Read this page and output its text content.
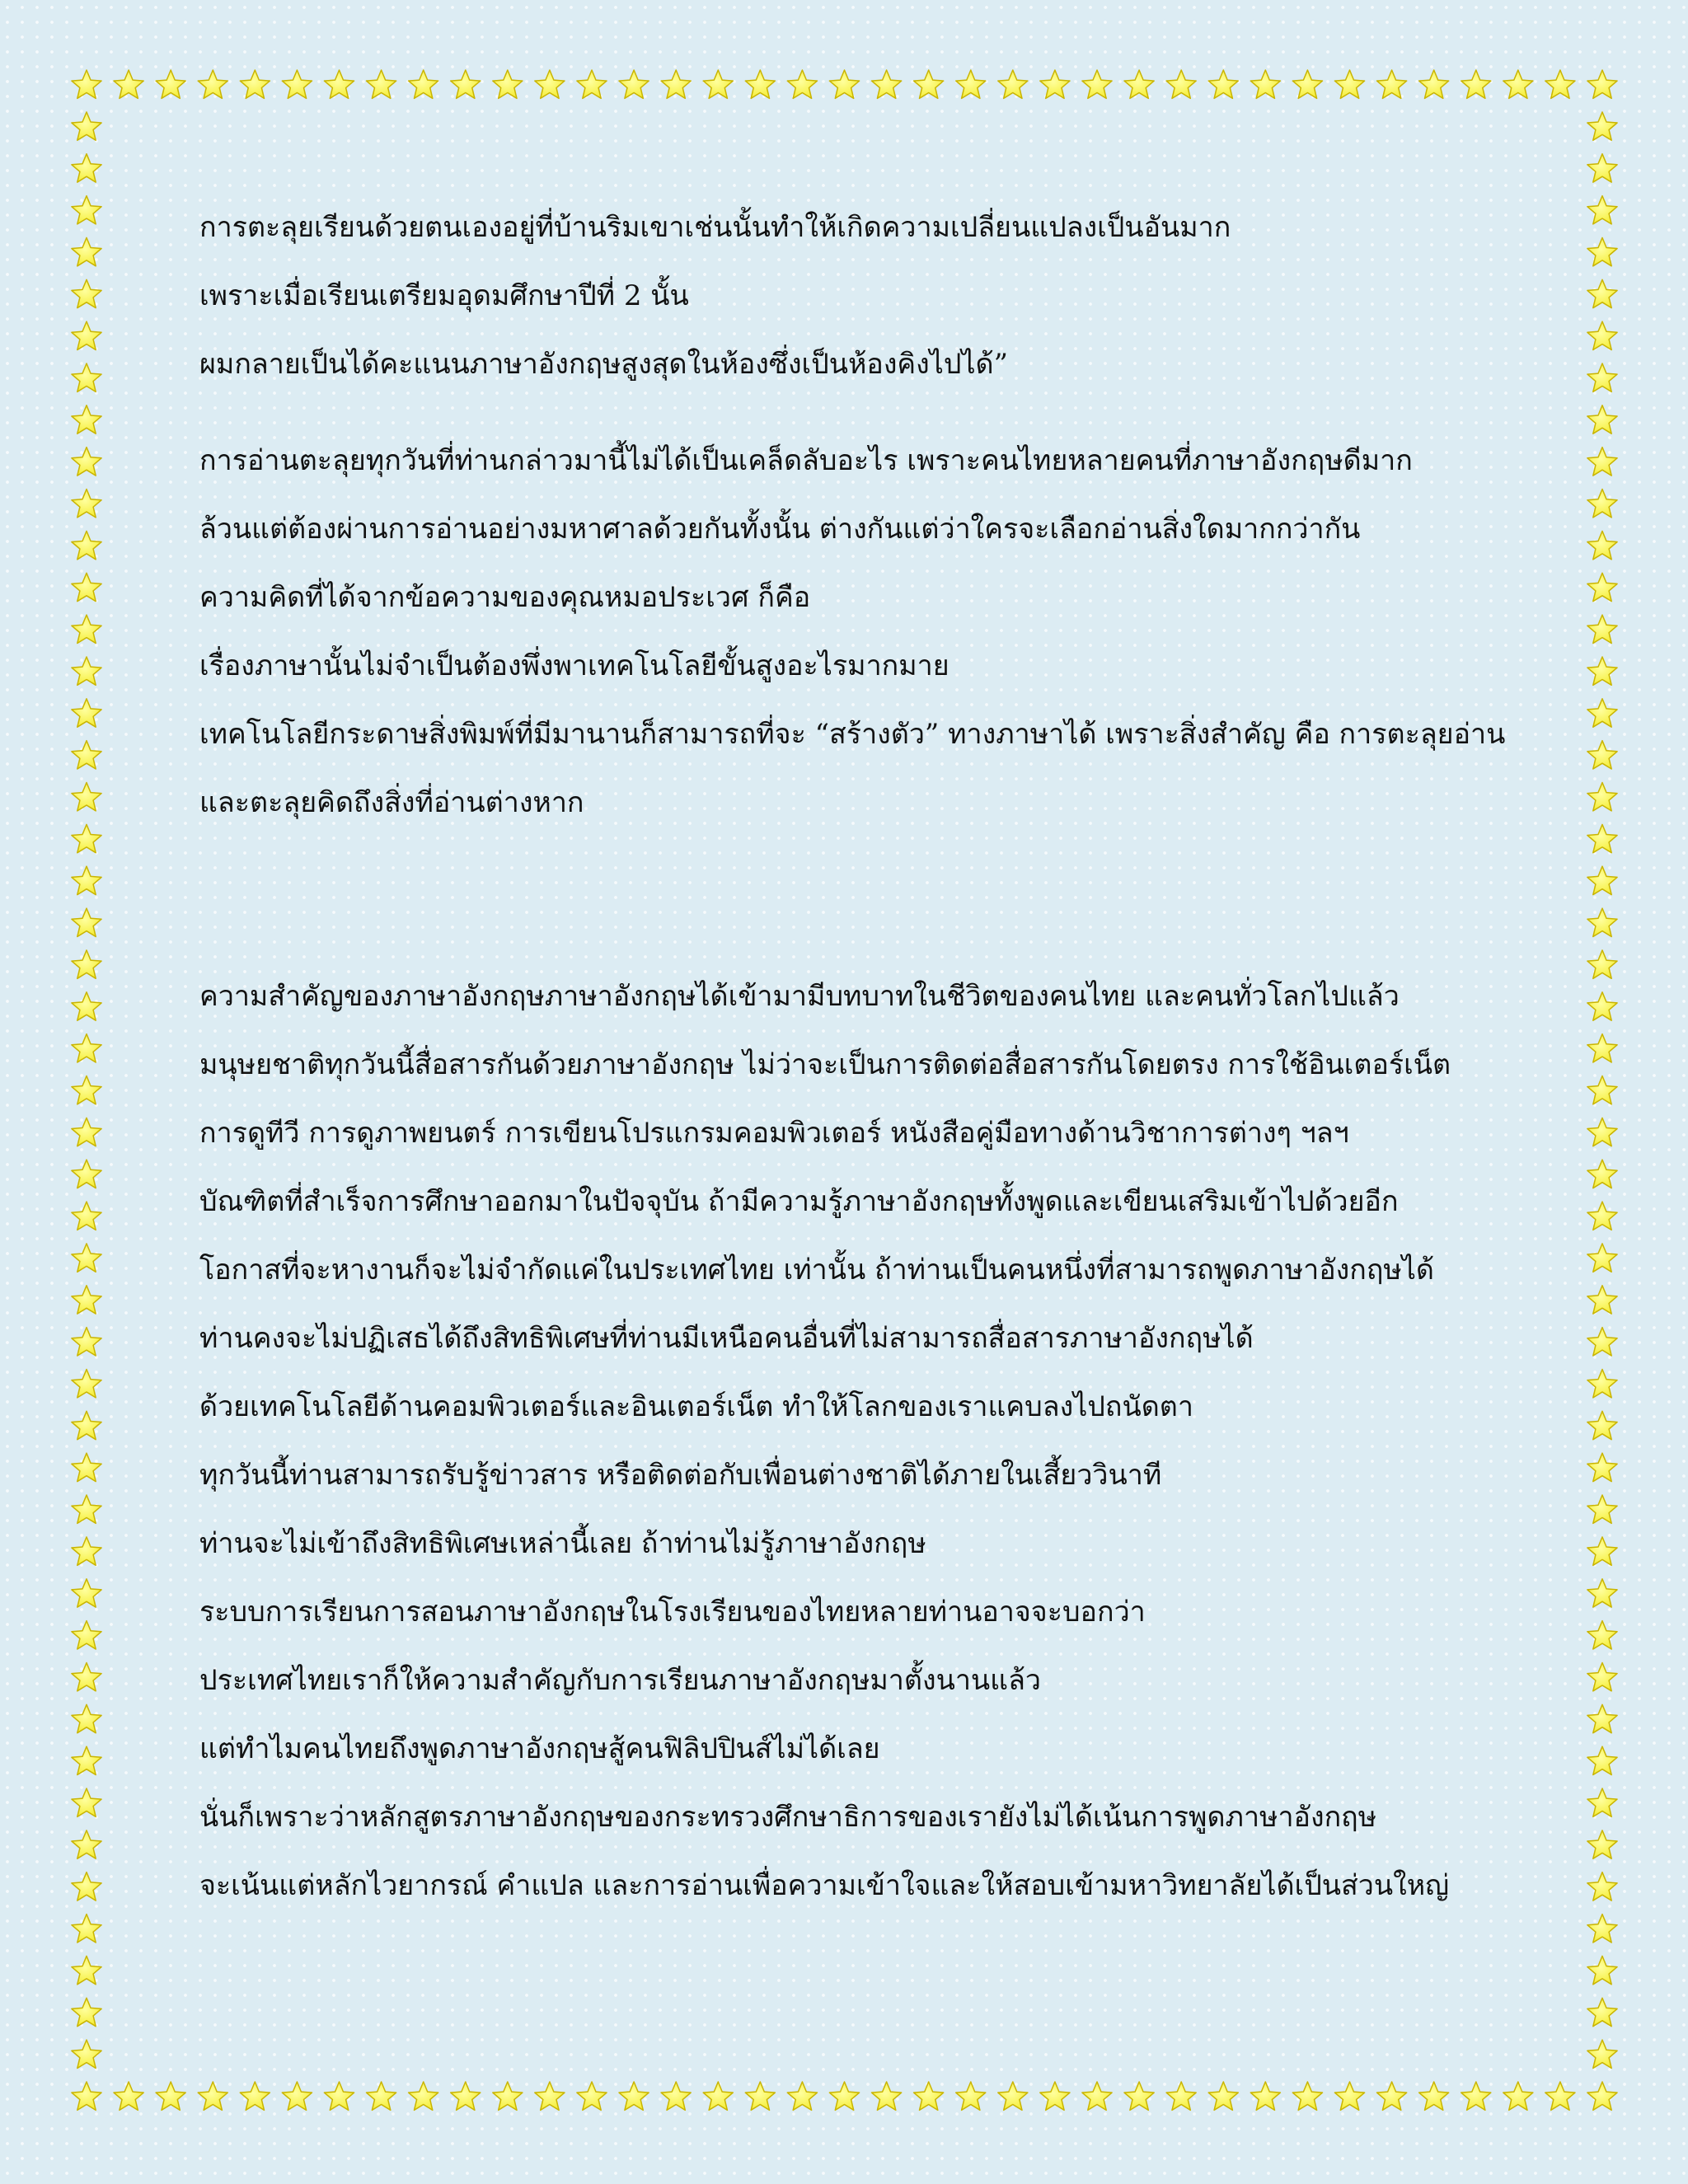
การตะลุยเรียนด้วยตนเองอยู่ที่บ้านริมเขาเช่นนั้นทำให้เกิดความเปลี่ยนแปลงเป็นอันมาก
เพราะเมื่อเรียนเตรียมอุดมศึกษาปีที่ 2 นั้น
ผมกลายเป็นได้คะแนนภาษาอังกฤษสูงสุดในห้องซึ่งเป็นห้องคิงไปได้”
การอ่านตะลุยทุกวันที่ท่านกล่าวมานี้ไม่ได้เป็นเคล็ดลับอะไร เพราะคนไทยหลายคนที่ภาษาอังกฤษดีมาก
ล้วนแต่ต้องผ่านการอ่านอย่างมหาศาลด้วยกันทั้งนั้น ต่างกันแต่ว่าใครจะเลือกอ่านสิ่งใดมากกว่ากัน
ความคิดที่ได้จากข้อความของคุณหมอประเวศ ก็คือ
เรื่องภาษานั้นไม่จำเป็นต้องพึ่งพาเทคโนโลยีขั้นสูงอะไรมากมาย
เทคโนโลยีกระดาษสิ่งพิมพ์ที่มีมานานก็สามารถที่จะ “สร้างตัว” ทางภาษาได้ เพราะสิ่งสำคัญ คือ การตะลุยอ่าน
และตะลุยคิดถึงสิ่งที่อ่านต่างหาก
ความสำคัญของภาษาอังกฤษภาษาอังกฤษได้เข้ามามีบทบาทในชีวิตของคนไทย และคนทั่วโลกไปแล้ว
มนุษยชาติทุกวันนี้สื่อสารกันด้วยภาษาอังกฤษ ไม่ว่าจะเป็นการติดต่อสื่อสารกันโดยตรง การใช้อินเตอร์เน็ต
การดูทีวี การดูภาพยนตร์ การเขียนโปรแกรมคอมพิวเตอร์ หนังสือคู่มือทางด้านวิชาการต่างๆ ฯลฯ
บัณฑิตที่สำเร็จการศึกษาออกมาในปัจจุบัน ถ้ามีความรู้ภาษาอังกฤษทั้งพูดและเขียนเสริมเข้าไปด้วยอีก
โอกาสที่จะหางานก็จะไม่จำกัดแค่ในประเทศไทย เท่านั้น ถ้าท่านเป็นคนหนึ่งที่สามารถพูดภาษาอังกฤษได้
ท่านคงจะไม่ปฏิเสธได้ถึงสิทธิพิเศษที่ท่านมีเหนือคนอื่นที่ไม่สามารถสื่อสารภาษาอังกฤษได้
ด้วยเทคโนโลยีด้านคอมพิวเตอร์และอินเตอร์เน็ต ทำให้โลกของเราแคบลงไปถนัดตา
ทุกวันนี้ท่านสามารถรับรู้ข่าวสาร หรือติดต่อกับเพื่อนต่างชาติได้ภายในเสี้ยววินาที
ท่านจะไม่เข้าถึงสิทธิพิเศษเหล่านี้เลย ถ้าท่านไม่รู้ภาษาอังกฤษ
ระบบการเรียนการสอนภาษาอังกฤษในโรงเรียนของไทยหลายท่านอาจจะบอกว่า
ประเทศไทยเราก็ให้ความสำคัญกับการเรียนภาษาอังกฤษมาตั้งนานแล้ว
แต่ทำไมคนไทยถึงพูดภาษาอังกฤษสู้คนฟิลิปปินส์ไม่ได้เลย
นั่นก็เพราะว่าหลักสูตรภาษาอังกฤษของกระทรวงศึกษาธิการของเรายังไม่ได้เน้นการพูดภาษาอังกฤษ
จะเน้นแต่หลักไวยากรณ์ คำแปล และการอ่านเพื่อความเข้าใจและให้สอบเข้ามหาวิทยาลัยได้เป็นส่วนใหญ่
